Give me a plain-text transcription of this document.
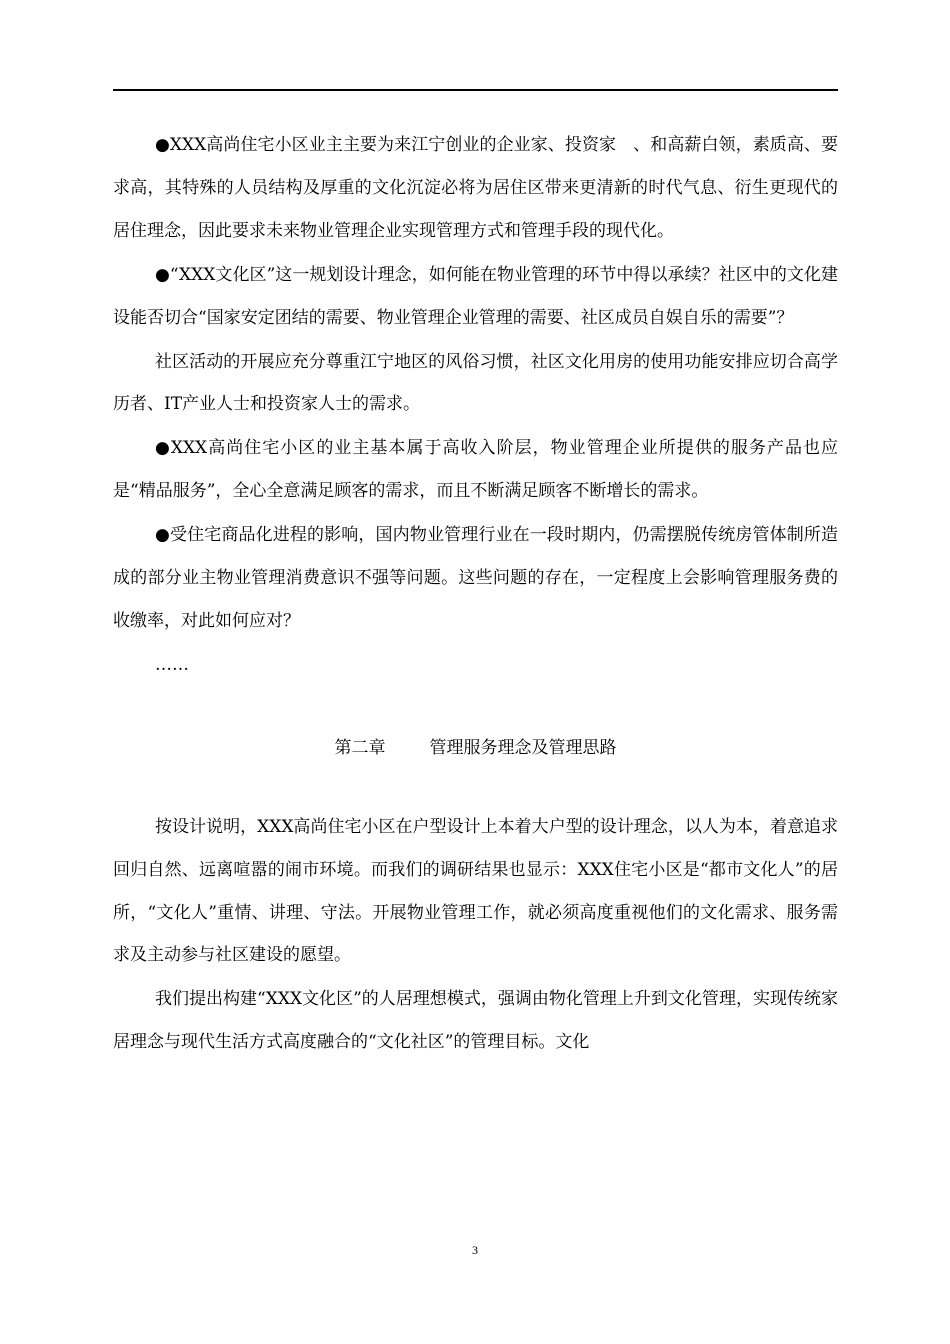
●XXX高尚住宅小区业主主要为来江宁创业的企业家、投资家　、和高薪白领，素质高、要求高，其特殊的人员结构及厚重的文化沉淀必将为居住区带来更清新的时代气息、衍生更现代的居住理念，因此要求未来物业管理企业实现管理方式和管理手段的现代化。

●“XXX文化区”这一规划设计理念，如何能在物业管理的环节中得以承续？社区中的文化建设能否切合“国家安定团结的需要、物业管理企业管理的需要、社区成员自娱自乐的需要”？

社区活动的开展应充分尊重江宁地区的风俗习惯，社区文化用房的使用功能安排应切合高学历者、IT产业人士和投资家人士的需求。

●XXX高尚住宅小区的业主基本属于高收入阶层，物业管理企业所提供的服务产品也应是“精品服务”，全心全意满足顾客的需求，而且不断满足顾客不断增长的需求。

●受住宅商品化进程的影响，国内物业管理行业在一段时期内，仍需摆脱传统房管体制所造成的部分业主物业管理消费意识不强等问题。这些问题的存在，一定程度上会影响管理服务费的收缴率，对此如何应对？

……

第二章	管理服务理念及管理思路

按设计说明，XXX高尚住宅小区在户型设计上本着大户型的设计理念，以人为本，着意追求回归自然、远离喧嚣的闹市环境。而我们的调研结果也显示：XXX住宅小区是“都市文化人”的居所，“文化人”重情、讲理、守法。开展物业管理工作，就必须高度重视他们的文化需求、服务需求及主动参与社区建设的愿望。

我们提出构建“XXX文化区”的人居理想模式，强调由物化管理上升到文化管理，实现传统家居理念与现代生活方式高度融合的“文化社区”的管理目标。文化

3
